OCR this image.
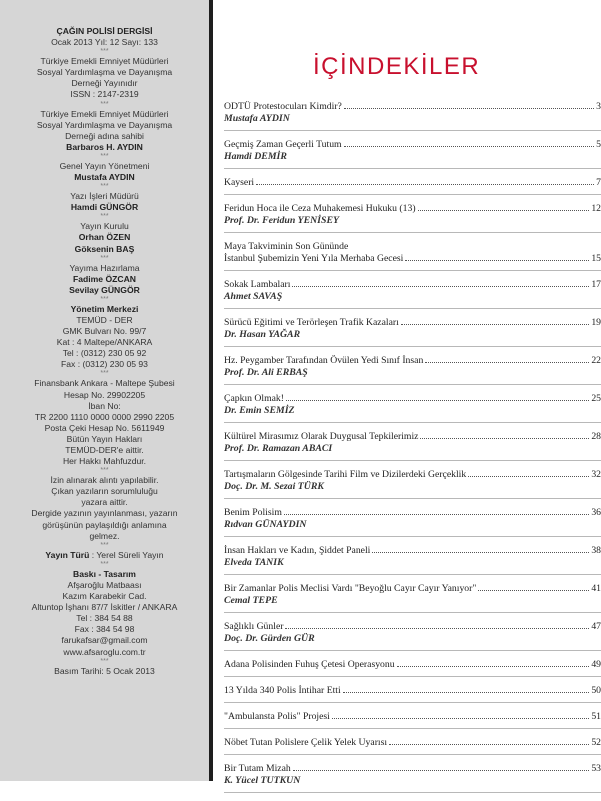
ÇAĞIN POLİSİ DERGİSİ
Ocak 2013 Yıl: 12 Sayı: 133
***
Türkiye Emekli Emniyet Müdürleri
Sosyal Yardımlaşma ve Dayanışma
Derneği Yayınıdır
ISSN : 2147-2319
***
Türkiye Emekli Emniyet Müdürleri
Sosyal Yardımlaşma ve Dayanışma
Derneği adına sahibi
Barbaros H. AYDIN
***
Genel Yayın Yönetmeni
Mustafa AYDIN
***
Yazı İşleri Müdürü
Hamdi GÜNGÖR
***
Yayın Kurulu
Orhan ÖZEN
Göksenin BAŞ
***
Yayıma Hazırlama
Fadime ÖZCAN
Sevilay GÜNGÖR
***
Yönetim Merkezi
TEMÜD - DER
GMK Bulvarı No. 99/7
Kat : 4 Maltepe/ANKARA
Tel : (0312) 230 05 92
Fax : (0312) 230 05 93
***
Finansbank Ankara - Maltepe Şubesi
Hesap No. 29902205
İban No:
TR 2200 1110 0000 0000 2990 2205
Posta Çeki Hesap No. 5611949
Bütün Yayın Hakları
TEMÜD-DER'e aittir.
Her Hakkı Mahfuzdur.
***
İzin alınarak alıntı yapılabilir.
Çıkan yazıların sorumluluğu
yazara aittir.
Dergide yazının yayınlanması, yazarın
görüşünün paylaşıldığı anlamına
gelmez.
***
Yayın Türü : Yerel Süreli Yayın
***
Baskı - Tasarım
Afşaroğlu Matbaası
Kazım Karabekir Cad.
Altuntop İşhanı 87/7 İskitler / ANKARA
Tel : 384 54 88
Fax : 384 54 98
farukafsar@gmail.com
www.afsaroglu.com.tr
***
Basım Tarihi: 5 Ocak 2013
İÇİNDEKİLER
ODTÜ Protestocuları Kimdir?	3
Mustafa AYDIN
Geçmiş Zaman Geçerli Tutum	5
Hamdi DEMİR
Kayseri	7
Feridun Hoca ile Ceza Muhakemesi Hukuku (13)	12
Prof. Dr. Feridun YENİSEY
Maya Takviminin Son Gününde
İstanbul Şubemizin Yeni Yıla Merhaba Gecesi	15
Sokak Lambaları	17
Ahmet SAVAŞ
Sürücü Eğitimi ve Terörleşen Trafik Kazaları	19
Dr. Hasan YAĞAR
Hz. Peygamber Tarafından Övülen Yedi Sınıf İnsan	22
Prof. Dr. Ali ERBAŞ
Çapkın Olmak!	25
Dr. Emin SEMİZ
Kültürel Mirasımız Olarak Duygusal Tepkilerimiz	28
Prof. Dr. Ramazan ABACI
Tartışmaların Gölgesinde Tarihi Film ve Dizilerdeki Gerçeklik	32
Doç. Dr. M. Sezai TÜRK
Benim Polisim	36
Rıdvan GÜNAYDIN
İnsan Hakları ve Kadın, Şiddet Paneli	38
Elveda TANIK
Bir Zamanlar Polis Meclisi Vardı "Beyoğlu Cayır Cayır Yanıyor"	41
Cemal TEPE
Sağlıklı Günler	47
Doç. Dr. Gürden GÜR
Adana Polisinden Fuhuş Çetesi Operasyonu	49
13 Yılda 340 Polis İntihar Etti	50
"Ambulansta Polis" Projesi	51
Nöbet Tutan Polislere Çelik Yelek Uyarısı	52
Bir Tutam Mizah	53
K. Yücel TUTKUN
